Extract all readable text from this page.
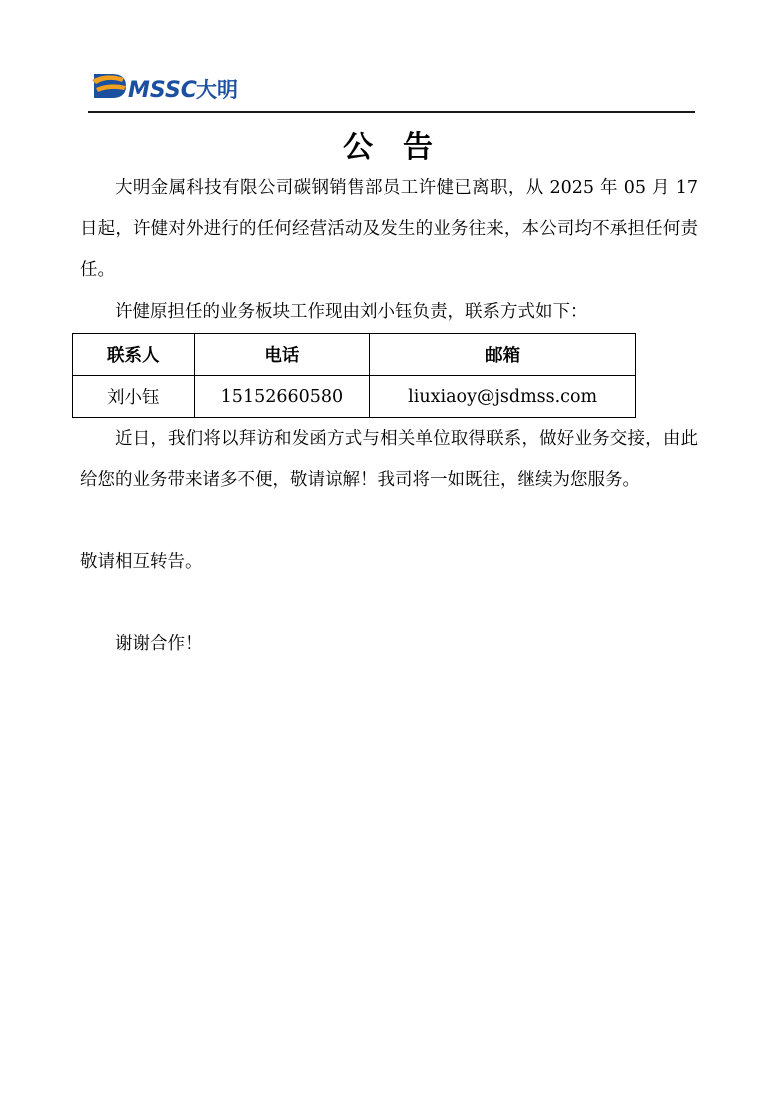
MSSC 大明
公告

大明金属科技有限公司碳钢销售部员工许健已离职，从 2025 年 05 月 17 日起，许健对外进行的任何经营活动及发生的业务往来，本公司均不承担任何责任。

许健原担任的业务板块工作现由刘小钰负责，联系方式如下：

联系人	电话	邮箱
刘小钰	15152660580	liuxiaoy@jsdmss.com

近日，我们将以拜访和发函方式与相关单位取得联系，做好业务交接，由此给您的业务带来诸多不便，敬请谅解！我司将一如既往，继续为您服务。

敬请相互转告。

谢谢合作！
